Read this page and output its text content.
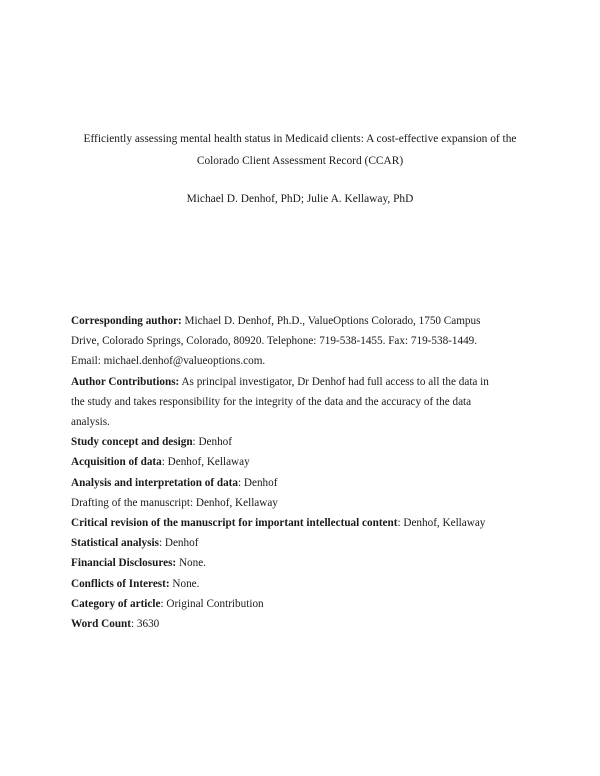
Efficiently assessing mental health status in Medicaid clients: A cost-effective expansion of the
Colorado Client Assessment Record (CCAR)
Michael D. Denhof, PhD; Julie A. Kellaway, PhD
Corresponding author: Michael D. Denhof, Ph.D., ValueOptions Colorado, 1750 Campus
Drive, Colorado Springs, Colorado, 80920. Telephone: 719-538-1455. Fax: 719-538-1449.
Email: michael.denhof@valueoptions.com.
Author Contributions: As principal investigator, Dr Denhof had full access to all the data in
the study and takes responsibility for the integrity of the data and the accuracy of the data
analysis.
Study concept and design: Denhof
Acquisition of data: Denhof, Kellaway
Analysis and interpretation of data: Denhof
Drafting of the manuscript: Denhof, Kellaway
Critical revision of the manuscript for important intellectual content: Denhof, Kellaway
Statistical analysis: Denhof
Financial Disclosures: None.
Conflicts of Interest: None.
Category of article: Original Contribution
Word Count: 3630
